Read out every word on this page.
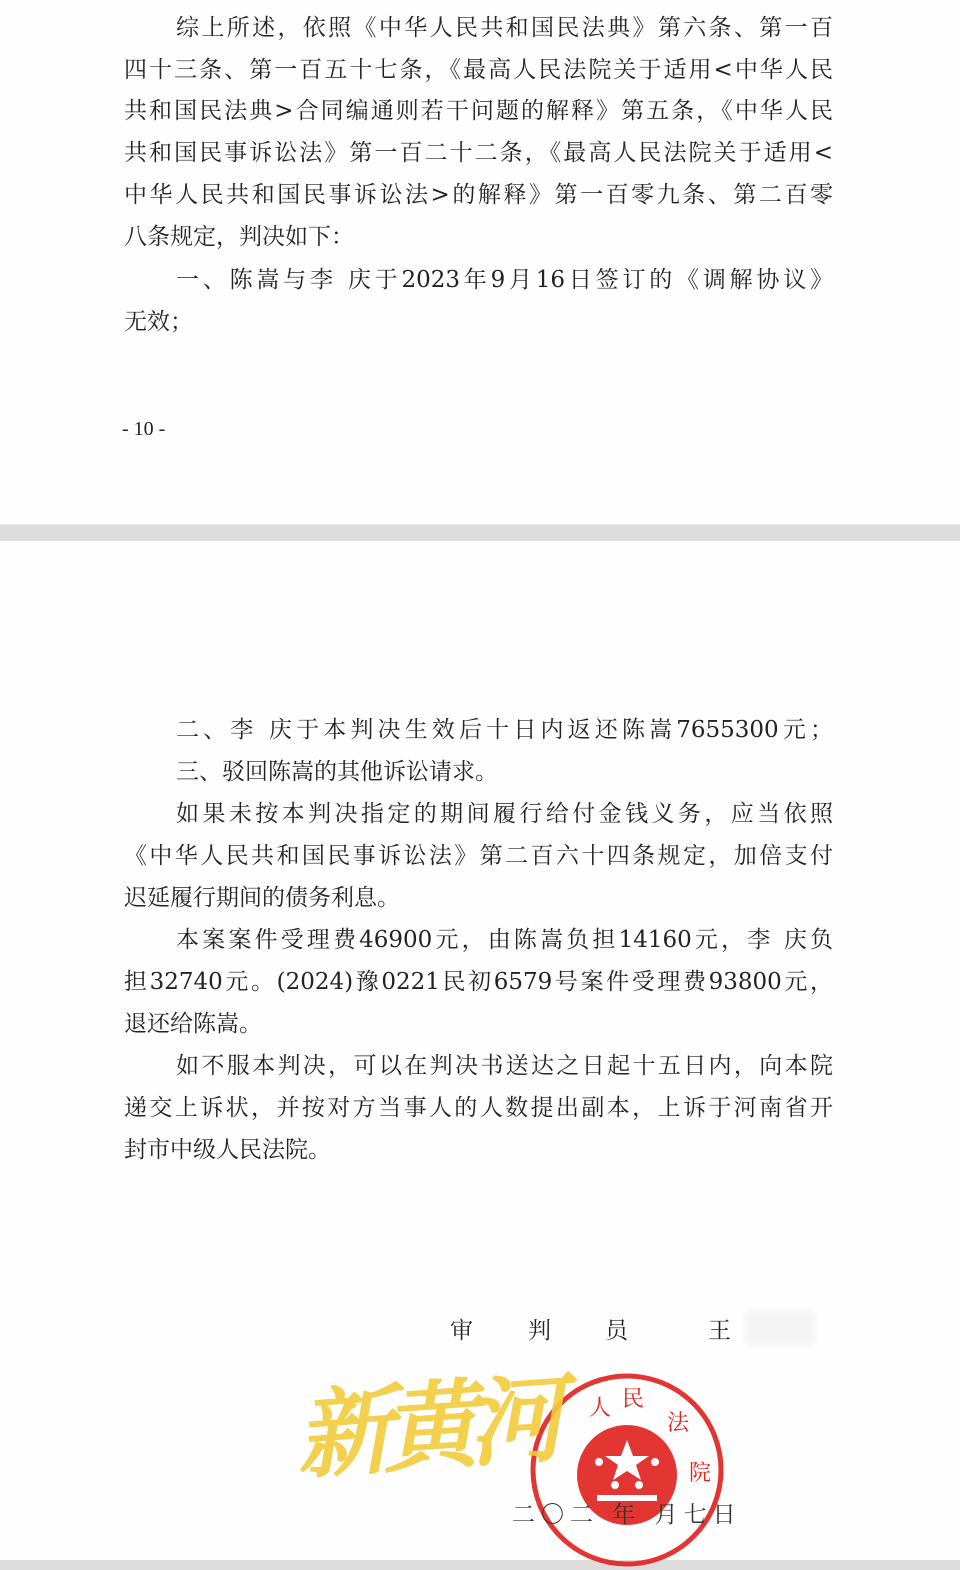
综上所述，依照《中华人民共和国民法典》第六条、第一百
四十三条、第一百五十七条，《最高人民法院关于适用<中华人民
共和国民法典>合同编通则若干问题的解释》第五条，《中华人民
共和国民事诉讼法》第一百二十二条，《最高人民法院关于适用<
中华人民共和国民事诉讼法>的解释》第一百零九条、第二百零
八条规定，判决如下：
一、陈嵩与李 庆于2023年9月16日签订的《调解协议》
无效；
- 10 -
二、李 庆于本判决生效后十日内返还陈嵩7655300元；
三、驳回陈嵩的其他诉讼请求。
如果未按本判决指定的期间履行给付金钱义务，应当依照
《中华人民共和国民事诉讼法》第二百六十四条规定，加倍支付
迟延履行期间的债务利息。
本案案件受理费46900元，由陈嵩负担14160元，李 庆负
担32740元。(2024)豫0221民初6579号案件受理费93800元，
退还给陈嵩。
如不服本判决，可以在判决书送达之日起十五日内，向本院
递交上诉状，并按对方当事人的人数提出副本，上诉于河南省开
封市中级人民法院。
审 判 员	王
人 民
法
院
二〇二 年 月七日
新黄河
